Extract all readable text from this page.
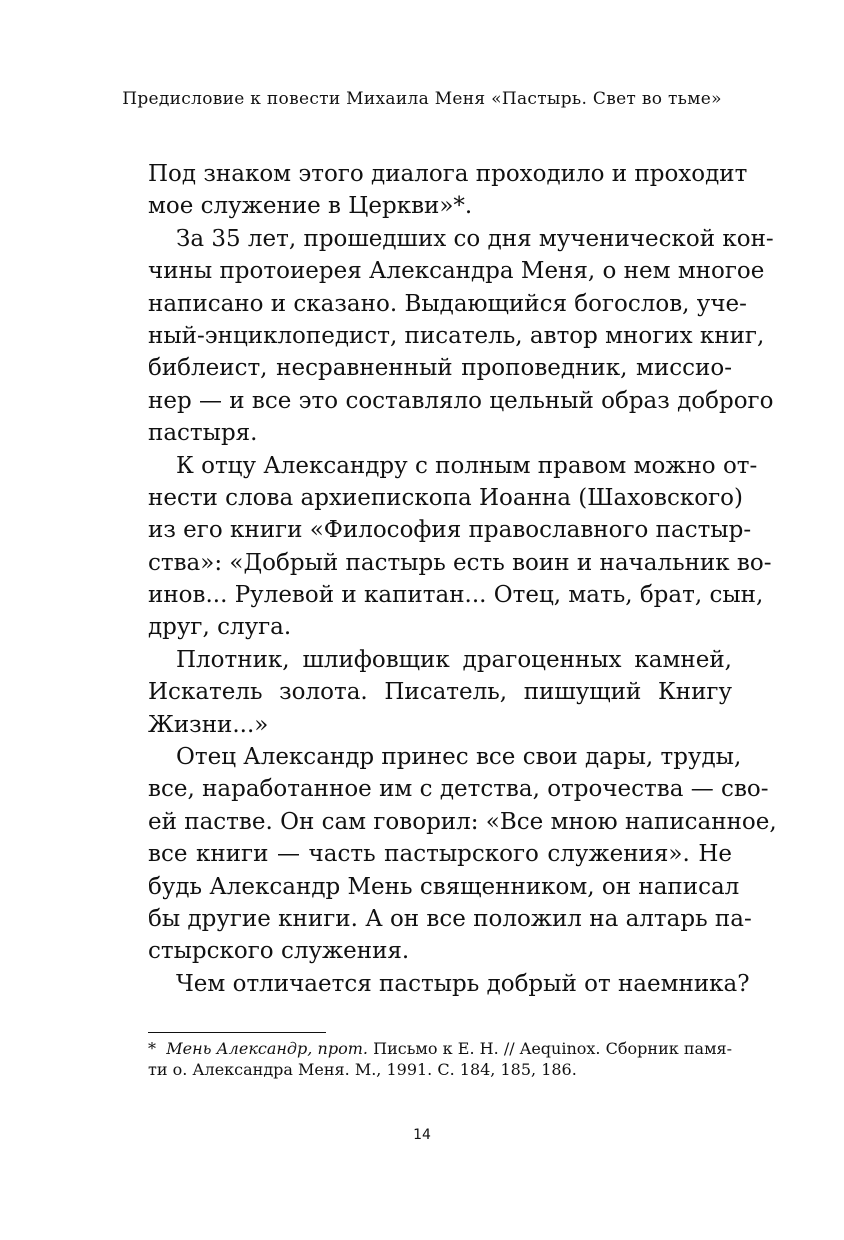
Предисловие к повести Михаила Меня «Пастырь. Свет во тьме»
Под знаком этого диалога проходило и проходит
мое служение в Церкви»*.
За 35 лет, прошедших со дня мученической кон-
чины протоиерея Александра Меня, о нем многое
написано и сказано. Выдающийся богослов, уче-
ный-энциклопедист, писатель, автор многих книг,
библеист, несравненный проповедник, миссио-
нер — и все это составляло цельный образ доброго
пастыря.
К отцу Александру с полным правом можно от-
нести слова архиепископа Иоанна (Шаховского)
из его книги «Философия православного пастыр-
ства»: «Добрый пастырь есть воин и начальник во-
инов... Рулевой и капитан... Отец, мать, брат, сын,
друг, слуга.
Плотник, шлифовщик драгоценных камней,
Искатель золота. Писатель, пишущий Книгу
Жизни...»
Отец Александр принес все свои дары, труды,
все, наработанное им с детства, отрочества — сво-
ей пастве. Он сам говорил: «Все мною написанное,
все книги — часть пастырского служения». Не
будь Александр Мень священником, он написал
бы другие книги. А он все положил на алтарь па-
стырского служения.
Чем отличается пастырь добрый от наемника?
* Мень Александр, прот. Письмо к Е. Н. // Aequinox. Сборник памя-
ти о. Александра Меня. М., 1991. С. 184, 185, 186.
14
